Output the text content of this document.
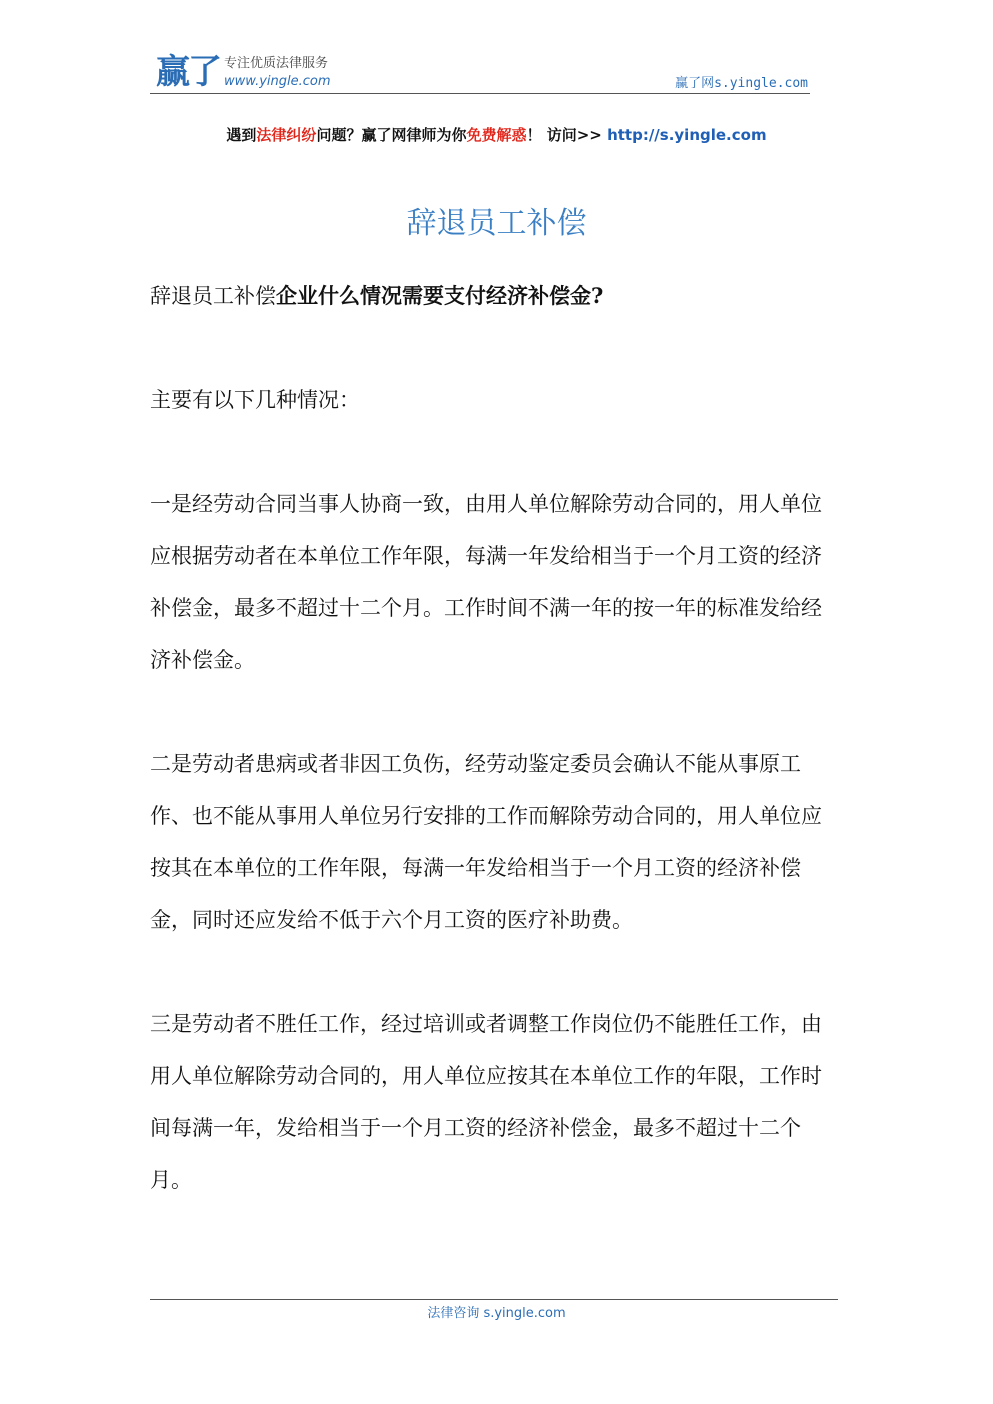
赢了 专注优质法律服务
www.yingle.com	赢了网s.yingle.com
遇到法律纠纷问题？赢了网律师为你免费解惑！ 访问>> http://s.yingle.com
辞退员工补偿

辞退员工补偿企业什么情况需要支付经济补偿金?

主要有以下几种情况：

一是经劳动合同当事人协商一致，由用人单位解除劳动合同的，用人单位应根据劳动者在本单位工作年限，每满一年发给相当于一个月工资的经济补偿金，最多不超过十二个月。工作时间不满一年的按一年的标准发给经济补偿金。

二是劳动者患病或者非因工负伤，经劳动鉴定委员会确认不能从事原工作、也不能从事用人单位另行安排的工作而解除劳动合同的，用人单位应按其在本单位的工作年限，每满一年发给相当于一个月工资的经济补偿金，同时还应发给不低于六个月工资的医疗补助费。

三是劳动者不胜任工作，经过培训或者调整工作岗位仍不能胜任工作，由用人单位解除劳动合同的，用人单位应按其在本单位工作的年限，工作时间每满一年，发给相当于一个月工资的经济补偿金，最多不超过十二个月。

法律咨询 s.yingle.com
